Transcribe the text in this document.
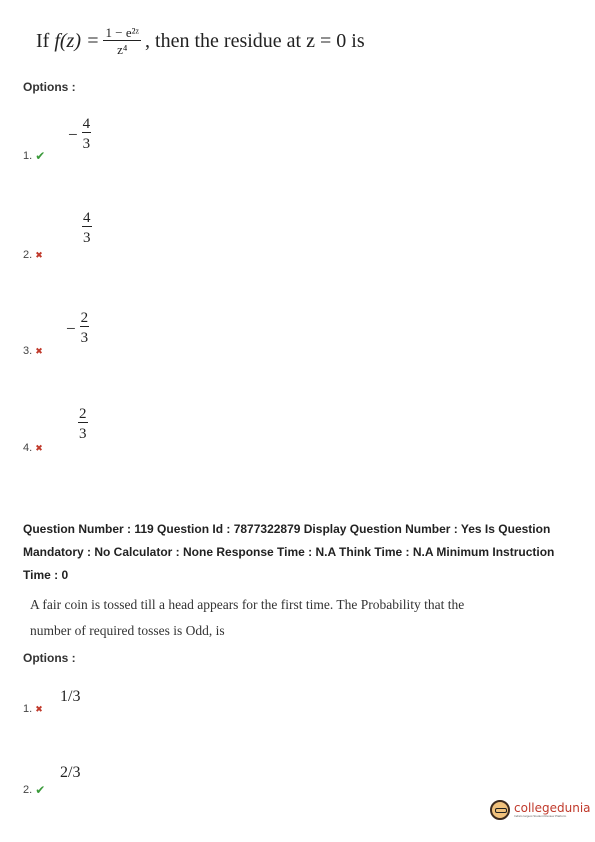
If
$f(z) = \frac{\text{1 − e²ᶻ}}{\text{z⁴}}$ , then the residue at z = 0 is
Options :
1. ✔
− $\frac{4}{3}$
2. ✖
$\frac{4}{3}$
3. ✖
− $\frac{2}{3}$
4. ✖
$\frac{2}{3}$
Question Number : 119 Question Id : 7877322879 Display Question Number : Yes Is Question
Mandatory : No Calculator : None Response Time : N.A Think Time : N.A Minimum Instruction
Time : 0

A fair coin is tossed till a head appears for the first time. The Probability that the

number of required tosses is Odd, is

Options :
1. ✖
1/3
2. ✔
2/3
collegedunia
India's largest Student Review Platform
